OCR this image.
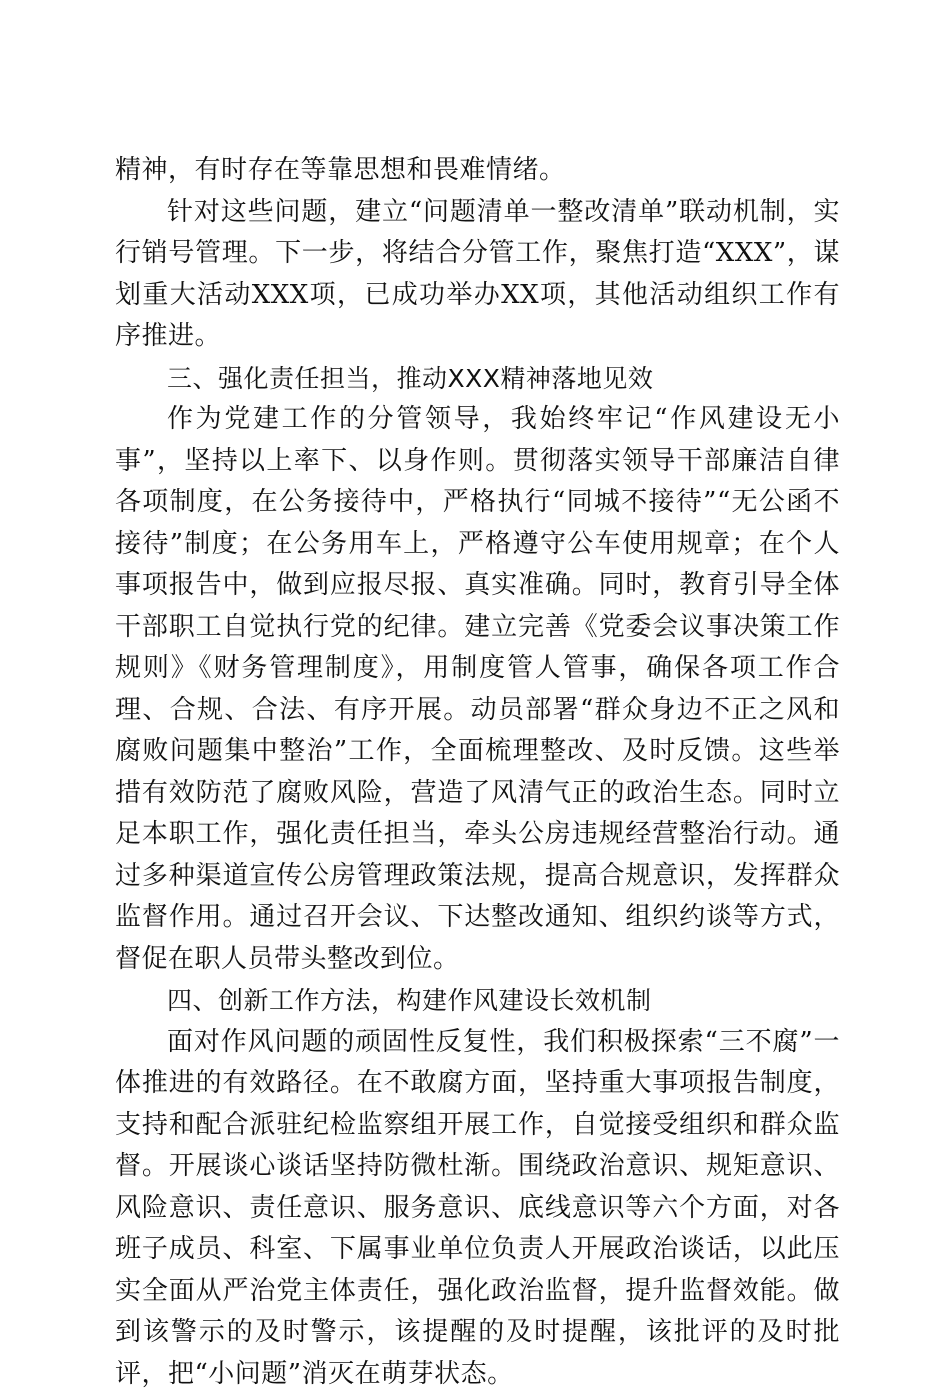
精神，有时存在等靠思想和畏难情绪。

针对这些问题，建立“问题清单一整改清单”联动机制，实行销号管理。下一步，将结合分管工作，聚焦打造“XXX”，谋划重大活动XXX项，已成功举办XX项，其他活动组织工作有序推进。

三、强化责任担当，推动XXX精神落地见效

作为党建工作的分管领导，我始终牢记“作风建设无小事”，坚持以上率下、以身作则。贯彻落实领导干部廉洁自律各项制度，在公务接待中，严格执行“同城不接待”“无公函不接待”制度；在公务用车上，严格遵守公车使用规章；在个人事项报告中，做到应报尽报、真实准确。同时，教育引导全体干部职工自觉执行党的纪律。建立完善《党委会议事决策工作规则》《财务管理制度》，用制度管人管事，确保各项工作合理、合规、合法、有序开展。动员部署“群众身边不正之风和腐败问题集中整治”工作，全面梳理整改、及时反馈。这些举措有效防范了腐败风险，营造了风清气正的政治生态。同时立足本职工作，强化责任担当，牵头公房违规经营整治行动。通过多种渠道宣传公房管理政策法规，提高合规意识，发挥群众监督作用。通过召开会议、下达整改通知、组织约谈等方式，督促在职人员带头整改到位。

四、创新工作方法，构建作风建设长效机制

面对作风问题的顽固性反复性，我们积极探索“三不腐”一体推进的有效路径。在不敢腐方面，坚持重大事项报告制度，支持和配合派驻纪检监察组开展工作，自觉接受组织和群众监督。开展谈心谈话坚持防微杜渐。围绕政治意识、规矩意识、风险意识、责任意识、服务意识、底线意识等六个方面，对各班子成员、科室、下属事业单位负责人开展政治谈话，以此压实全面从严治党主体责任，强化政治监督，提升监督效能。做到该警示的及时警示，该提醒的及时提醒，该批评的及时批评，把“小问题”消灭在萌芽状态。
